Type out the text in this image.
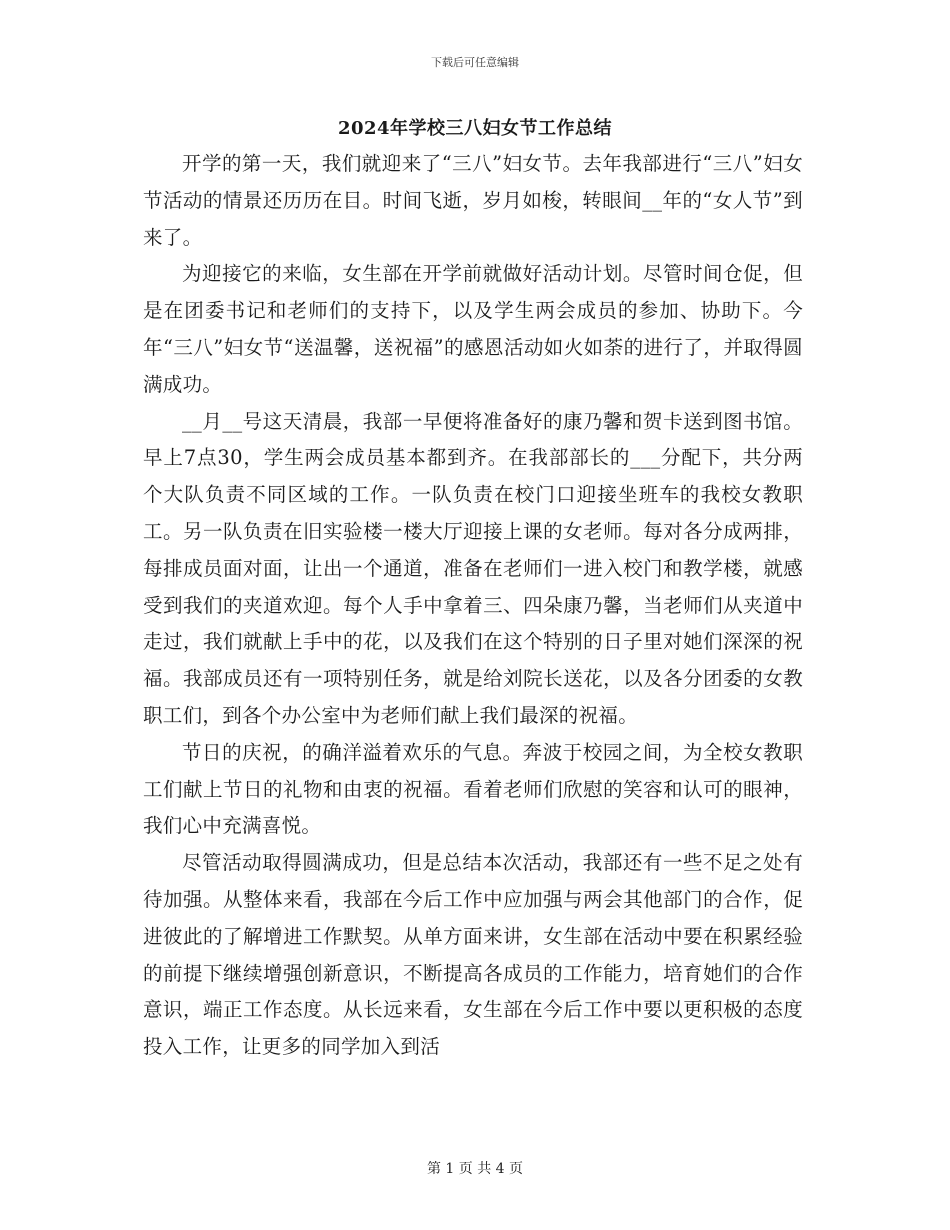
下载后可任意编辑
2024年学校三八妇女节工作总结

开学的第一天，我们就迎来了“三八”妇女节。去年我部进行“三八”妇女节活动的情景还历历在目。时间飞逝，岁月如梭，转眼间__年的“女人节”到来了。

为迎接它的来临，女生部在开学前就做好活动计划。尽管时间仓促，但是在团委书记和老师们的支持下，以及学生两会成员的参加、协助下。今年“三八”妇女节“送温馨，送祝福”的感恩活动如火如荼的进行了，并取得圆满成功。

__月__号这天清晨，我部一早便将准备好的康乃馨和贺卡送到图书馆。早上7点30，学生两会成员基本都到齐。在我部部长的___分配下，共分两个大队负责不同区域的工作。一队负责在校门口迎接坐班车的我校女教职工。另一队负责在旧实验楼一楼大厅迎接上课的女老师。每对各分成两排，每排成员面对面，让出一个通道，准备在老师们一进入校门和教学楼，就感受到我们的夹道欢迎。每个人手中拿着三、四朵康乃馨，当老师们从夹道中走过，我们就献上手中的花，以及我们在这个特别的日子里对她们深深的祝福。我部成员还有一项特别任务，就是给刘院长送花，以及各分团委的女教职工们，到各个办公室中为老师们献上我们最深的祝福。

节日的庆祝，的确洋溢着欢乐的气息。奔波于校园之间，为全校女教职工们献上节日的礼物和由衷的祝福。看着老师们欣慰的笑容和认可的眼神，我们心中充满喜悦。

尽管活动取得圆满成功，但是总结本次活动，我部还有一些不足之处有待加强。从整体来看，我部在今后工作中应加强与两会其他部门的合作，促进彼此的了解增进工作默契。从单方面来讲，女生部在活动中要在积累经验的前提下继续增强创新意识，不断提高各成员的工作能力，培育她们的合作意识，端正工作态度。从长远来看，女生部在今后工作中要以更积极的态度投入工作，让更多的同学加入到活

第 1 页 共 4 页
